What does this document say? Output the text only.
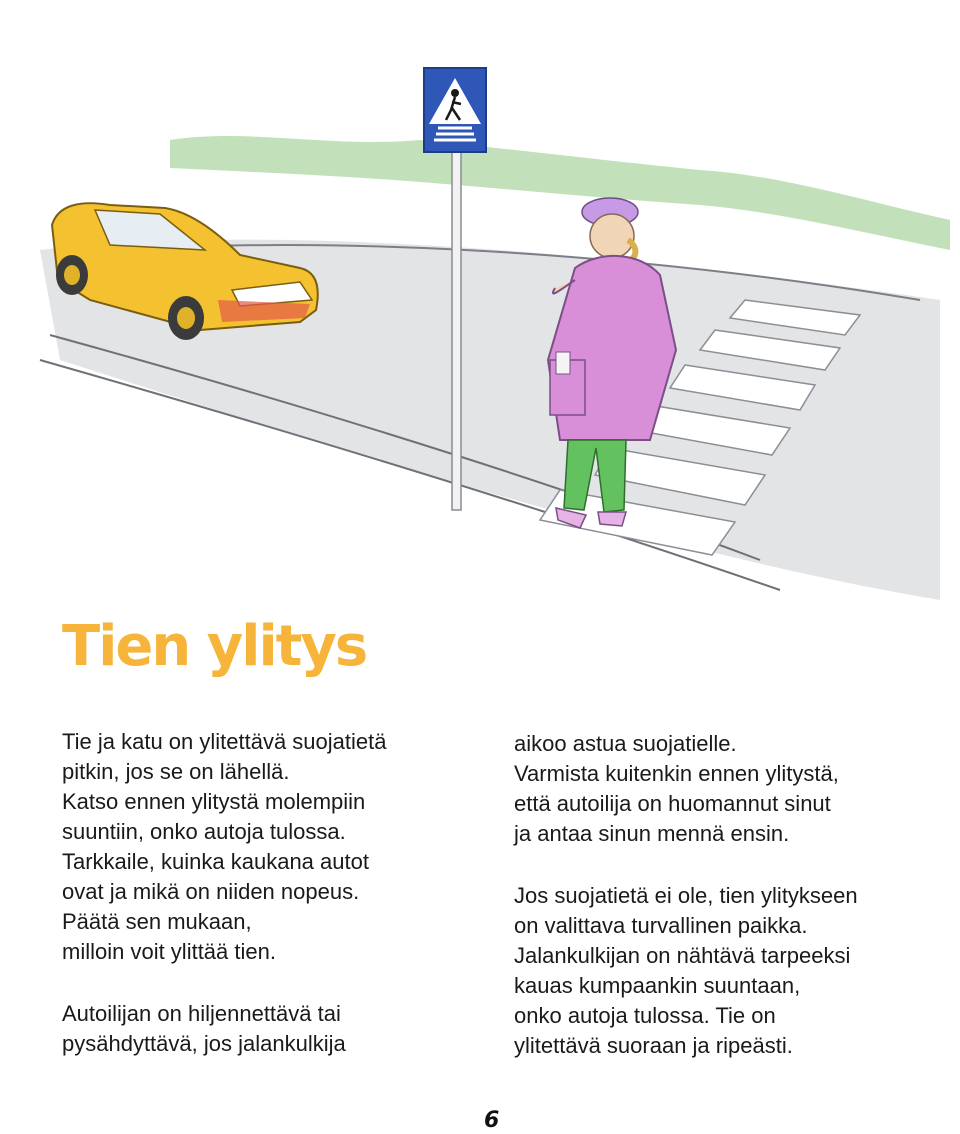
Tien ylitys

Tie ja katu on ylitettävä suojatietä
pitkin, jos se on lähellä.
Katso ennen ylitystä molempiin
suuntiin, onko autoja tulossa.
Tarkkaile, kuinka kaukana autot
ovat ja mikä on niiden nopeus.
Päätä sen mukaan,
milloin voit ylittää tien.

Autoilijan on hiljennettävä tai
pysähdyttävä, jos jalankulkija

aikoo astua suojatielle.
Varmista kuitenkin ennen ylitystä,
että autoilija on huomannut sinut
ja antaa sinun mennä ensin.

Jos suojatietä ei ole, tien ylitykseen
on valittava turvallinen paikka.
Jalankulkijan on nähtävä tarpeeksi
kauas kumpaankin suuntaan,
onko autoja tulossa. Tie on
ylitettävä suoraan ja ripeästi.

6
